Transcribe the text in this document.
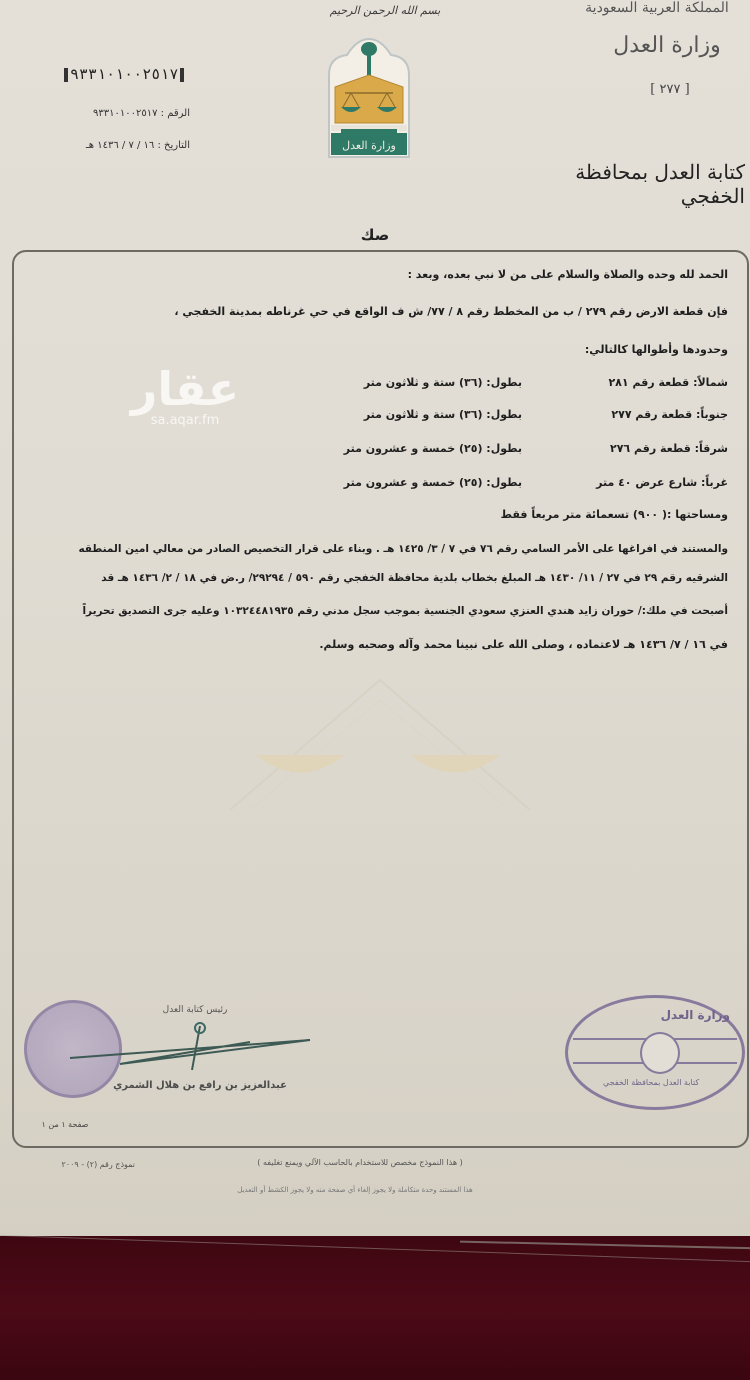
٩٣٣١٠١٠٠٢٥١٧
الرقم : ٩٣٣١٠١٠٠٢٥١٧
التاريخ : ١٦ / ٧ / ١٤٣٦ هـ
بسم الله الرحمن الرحيم
وزارة العدل
المملكة العربية السعودية
وزارة العدل
[ ٢٧٧ ]
كتابة العدل بمحافظة الخفجي
صك
عقار
sa.aqar.fm
الحمد لله وحده والصلاة والسلام على من لا نبي بعده، وبعد :
فإن قطعة الارض رقم ٢٧٩ / ب من المخطط رقم ٨ / ٧٧/ ش ف الواقع في حي غرناطه بمدينة الخفجي ،
وحدودها وأطوالها كالتالي:
شمالاً: قطعة رقم ٢٨١
بطول: (٣٦) ستة و ثلاثون متر
جنوباً: قطعة رقم ٢٧٧
بطول: (٣٦) ستة و ثلاثون متر
شرقاً: قطعة رقم ٢٧٦
بطول: (٢٥) خمسة و عشرون متر
غرباً: شارع عرض ٤٠ متر
بطول: (٢٥) خمسة و عشرون متر
ومساحتها :( ٩٠٠) تسعمائة متر مربعاً فقط
والمستند في افراغها على الأمر السامي رقم ٧٦ في ٧ / ٣/ ١٤٢٥ هـ . وبناء على قرار التخصيص الصادر من معالي امين المنطقه
الشرقيه رقم ٢٩ في ٢٧ / ١١/ ١٤٣٠ هـ المبلغ بخطاب بلدية محافظة الخفجي رقم ٥٩٠ / ٢٩٢٩٤/ ر.ض في ١٨ / ٢/ ١٤٣٦ هـ قد
أصبحت في ملك:/ حوران زايد هندي العنزي سعودي الجنسية بموجب سجل مدني رقم ١٠٣٢٤٤٨١٩٣٥ وعليه جرى التصديق تحريراً
في ١٦ / ٧/ ١٤٣٦ هـ لاعتماده ، وصلى الله على نبينا محمد وآله وصحبه وسلم.
رئيس كتابة العدل
عبدالعزيز بن رافع بن هلال الشمري
صفحة ١ من ١
وزارة العدل
كتابة العدل بمحافظة الخفجي
( هذا النموذج مخصص للاستخدام بالحاسب الآلي ويمنع تغليفه )
نموذج رقم (٢) - ٢٠٠٩
هذا المستند وحدة متكاملة ولا يجوز إلغاء أي صفحة منه ولا يجوز الكشط أو التعديل
